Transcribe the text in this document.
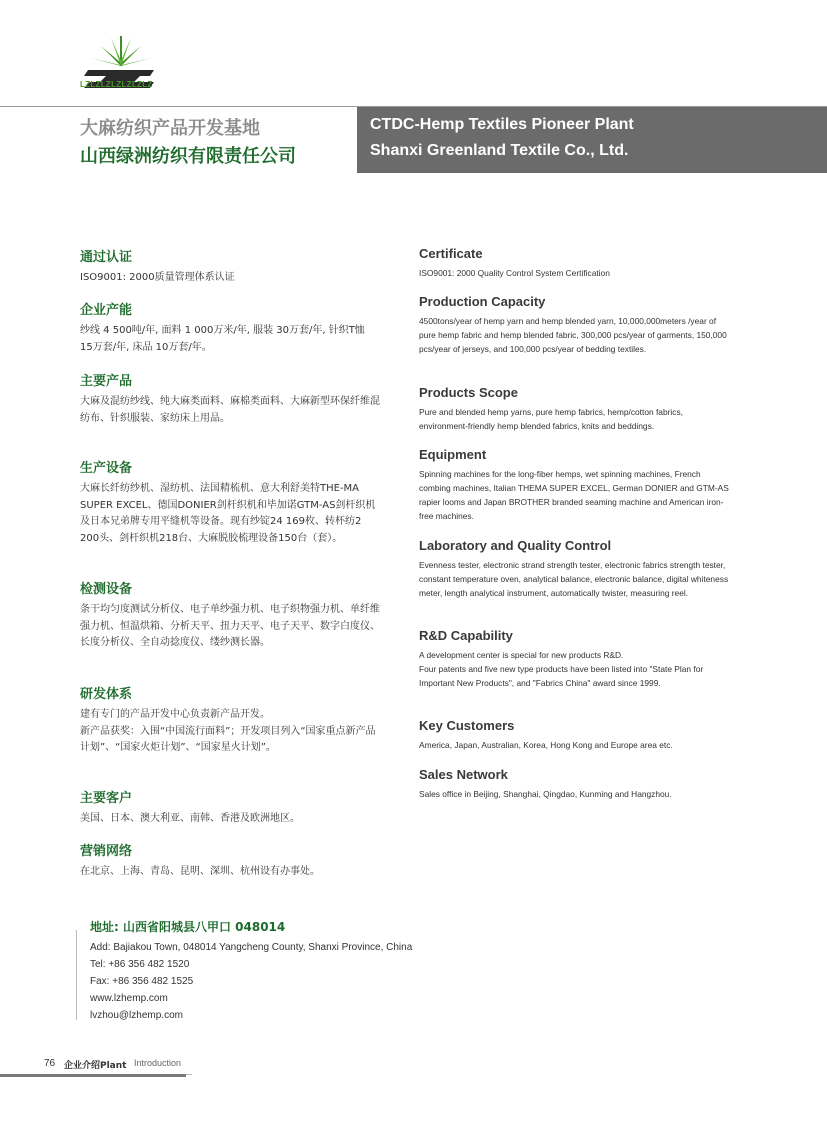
LZLZLZLZLZLZLZ
大麻纺织产品开发基地
山西绿洲纺织有限责任公司
CTDC-Hemp Textiles Pioneer Plant
Shanxi Greenland Textile Co., Ltd.
通过认证

ISO9001: 2000质量管理体系认证

企业产能

纱线 4 500吨/年, 面料 1 000万米/年, 服装 30万套/年, 针织T恤 15万套/年, 床品 10万套/年。

主要产品

大麻及混纺纱线、纯大麻类面料、麻棉类面料、大麻新型环保纤维混纺布、针织服装、家纺床上用品。

生产设备

大麻长纤纺纱机、湿纺机、法国精梳机、意大利舒美特THE-MA SUPER EXCEL、德国DONIER剑杆织机和毕加诺GTM-AS剑杆织机及日本兄弟牌专用平缝机等设备。现有纱锭24 169枚、转杯纺2 200头、剑杆织机218台、大麻脱胶梳理设备150台（套）。

检测设备

条干均匀度测试分析仪、电子单纱强力机、电子织物强力机、单纤维强力机、恒温烘箱、分析天平、扭力天平、电子天平、数字白度仪、长度分析仪、全自动捻度仪、缕纱测长器。

研发体系

建有专门的产品开发中心负责新产品开发。

新产品获奖：入围“中国流行面料”；开发项目列入“国家重点新产品计划”、“国家火炬计划”、“国家星火计划”。

主要客户

美国、日本、澳大利亚、南韩、香港及欧洲地区。

营销网络

在北京、上海、青岛、昆明、深圳、杭州设有办事处。

Certificate

ISO9001: 2000 Quality Control System Certification

Production Capacity

4500tons/year of hemp yarn and hemp blended yarn, 10,000,000meters /year of pure hemp fabric and hemp blended fabric, 300,000 pcs/year of garments, 150,000 pcs/year of jerseys, and 100,000 pcs/year of bedding textiles.

Products Scope

Pure and blended hemp yarns, pure hemp fabrics, hemp/cotton fabrics, environment-friendly hemp blended fabrics, knits and beddings.

Equipment

Spinning machines for the long-fiber hemps, wet spinning machines, French combing machines, Italian THEMA SUPER EXCEL, German DONIER and GTM-AS rapier looms and Japan BROTHER branded seaming machine and American iron-free machines.

Laboratory and Quality Control

Evenness tester, electronic strand strength tester, electronic fabrics strength tester, constant temperature oven, analytical balance, electronic balance, digital whiteness meter, length analytical instrument, automatically twister, measuring reel.

R&D Capability

A development center is special for new products R&D.

Four patents and five new type products have been listed into "State Plan for Important New Products", and "Fabrics China" award since 1999.

Key Customers

America, Japan, Australian, Korea, Hong Kong and Europe area etc.

Sales Network

Sales office in Beijing, Shanghai, Qingdao, Kunming and Hangzhou.

地址: 山西省阳城县八甲口 048014
Add: Bajiakou Town, 048014 Yangcheng County, Shanxi Province, China
Tel: +86 356 482 1520
Fax: +86 356 482 1525
www.lzhemp.com
lvzhou@lzhemp.com
76 企业介绍Plant Introduction
